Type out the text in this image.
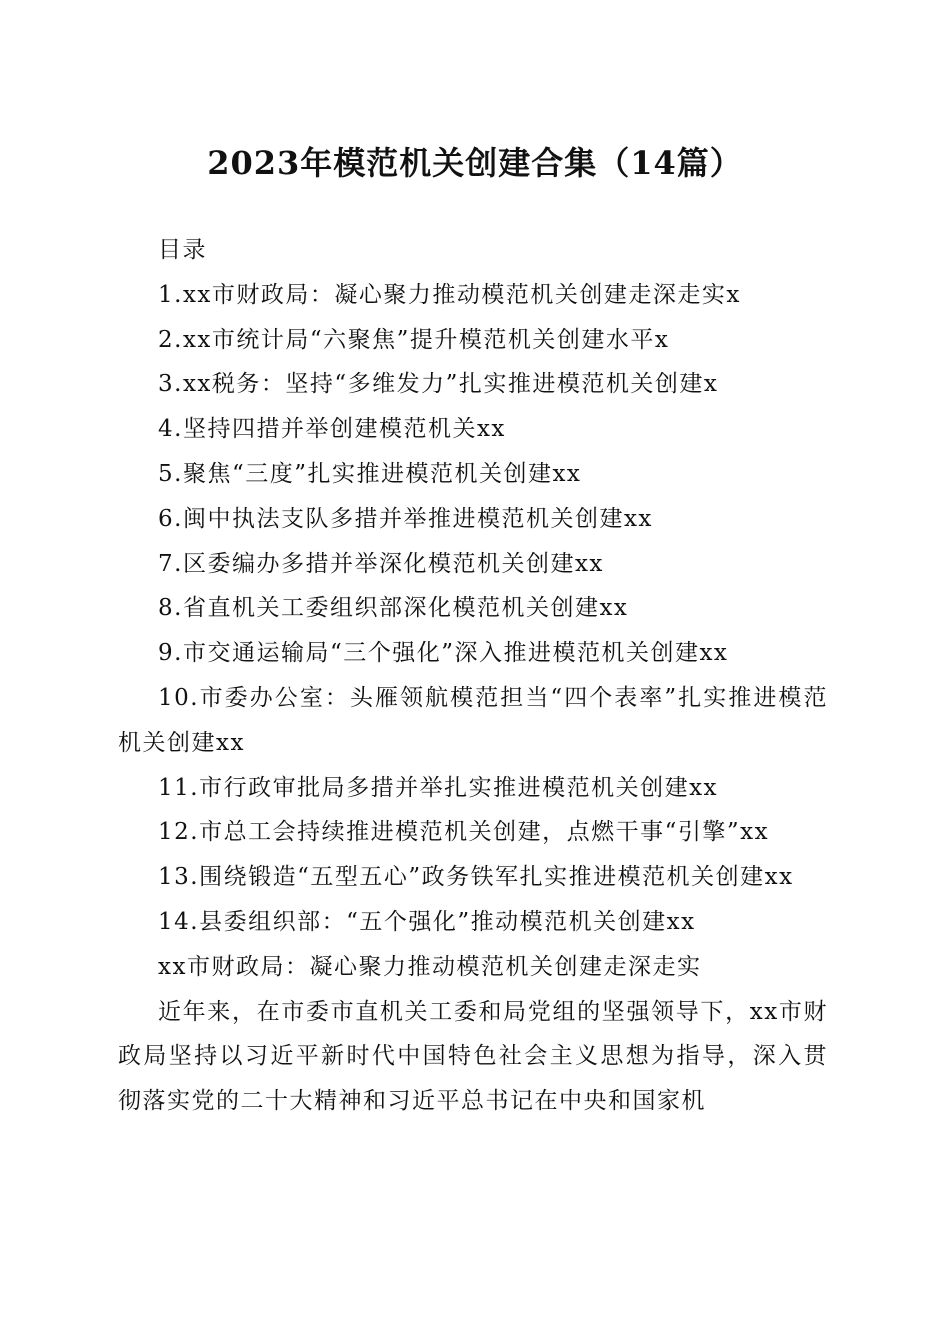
2023年模范机关创建合集（14篇）

目录

1.xx市财政局：凝心聚力推动模范机关创建走深走实x

2.xx市统计局“六聚焦”提升模范机关创建水平x

3.xx税务：坚持“多维发力”扎实推进模范机关创建x

4.坚持四措并举创建模范机关xx

5.聚焦“三度”扎实推进模范机关创建xx

6.闽中执法支队多措并举推进模范机关创建xx

7.区委编办多措并举深化模范机关创建xx

8.省直机关工委组织部深化模范机关创建xx

9.市交通运输局“三个强化”深入推进模范机关创建xx

10.市委办公室：头雁领航模范担当“四个表率”扎实推进模范机关创建xx

11.市行政审批局多措并举扎实推进模范机关创建xx

12.市总工会持续推进模范机关创建，点燃干事“引擎”xx

13.围绕锻造“五型五心”政务铁军扎实推进模范机关创建xx

14.县委组织部：“五个强化”推动模范机关创建xx

xx市财政局：凝心聚力推动模范机关创建走深走实

近年来，在市委市直机关工委和局党组的坚强领导下，xx市财政局坚持以习近平新时代中国特色社会主义思想为指导，深入贯彻落实党的二十大精神和习近平总书记在中央和国家机
